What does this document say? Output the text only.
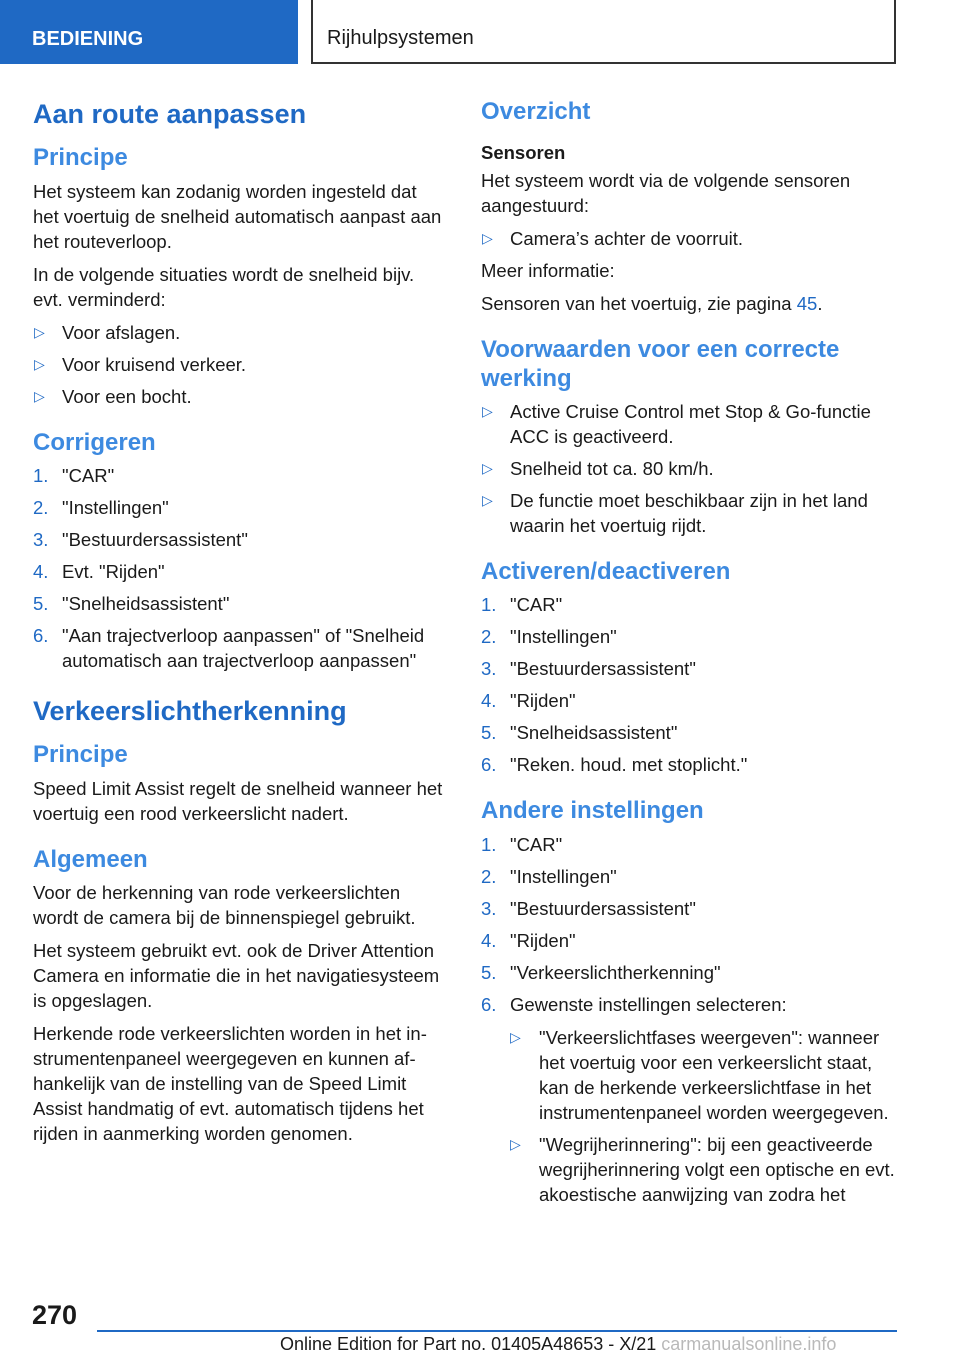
BEDIENING	Rijhulpsystemen
Aan route aanpassen
Principe

Het systeem kan zodanig worden ingesteld dat het voertuig de snelheid automatisch aanpast aan het routeverloop.

In de volgende situaties wordt de snelheid bijv. evt. verminderd:

▷ Voor afslagen.
▷ Voor kruisend verkeer.
▷ Voor een bocht.
Corrigeren
1. "CAR"
2. "Instellingen"
3. "Bestuurdersassistent"
4. Evt. "Rijden"
5. "Snelheidsassistent"
6. "Aan trajectverloop aanpassen" of "Snelheid automatisch aan trajectverloop aanpassen"
Verkeerslichtherkenning
Principe

Speed Limit Assist regelt de snelheid wanneer het voertuig een rood verkeerslicht nadert.

Algemeen

Voor de herkenning van rode verkeerslichten wordt de camera bij de binnenspiegel gebruikt.

Het systeem gebruikt evt. ook de Driver Attention Camera en informatie die in het navigatiesysteem is opgeslagen.

Herkende rode verkeerslichten worden in het instrumentenpaneel weergegeven en kunnen afhankelijk van de instelling van de Speed Limit Assist handmatig of evt. automatisch tijdens het rijden in aanmerking worden genomen.

Overzicht
Sensoren

Het systeem wordt via de volgende sensoren aangestuurd:

▷ Camera’s achter de voorruit.

Meer informatie:

Sensoren van het voertuig, zie pagina 45.

Voorwaarden voor een correcte werking
▷ Active Cruise Control met Stop & Go-functie ACC is geactiveerd.
▷ Snelheid tot ca. 80 km/h.
▷ De functie moet beschikbaar zijn in het land waarin het voertuig rijdt.
Activeren/deactiveren
1. "CAR"
2. "Instellingen"
3. "Bestuurdersassistent"
4. "Rijden"
5. "Snelheidsassistent"
6. "Reken. houd. met stoplicht."
Andere instellingen
1. "CAR"
2. "Instellingen"
3. "Bestuurdersassistent"
4. "Rijden"
5. "Verkeerslichtherkenning"
6. Gewenste instellingen selecteren:
▷ "Verkeerslichtfases weergeven": wanneer het voertuig voor een verkeerslicht staat, kan de herkende verkeerslichtfase in het instrumentenpaneel worden weergegeven.
▷ "Wegrijherinnering": bij een geactiveerde wegrijherinnering volgt een optische en evt. akoestische aanwijzing van zodra het
270
Online Edition for Part no. 01405A48653 - X/21 carmanualsonline.info
